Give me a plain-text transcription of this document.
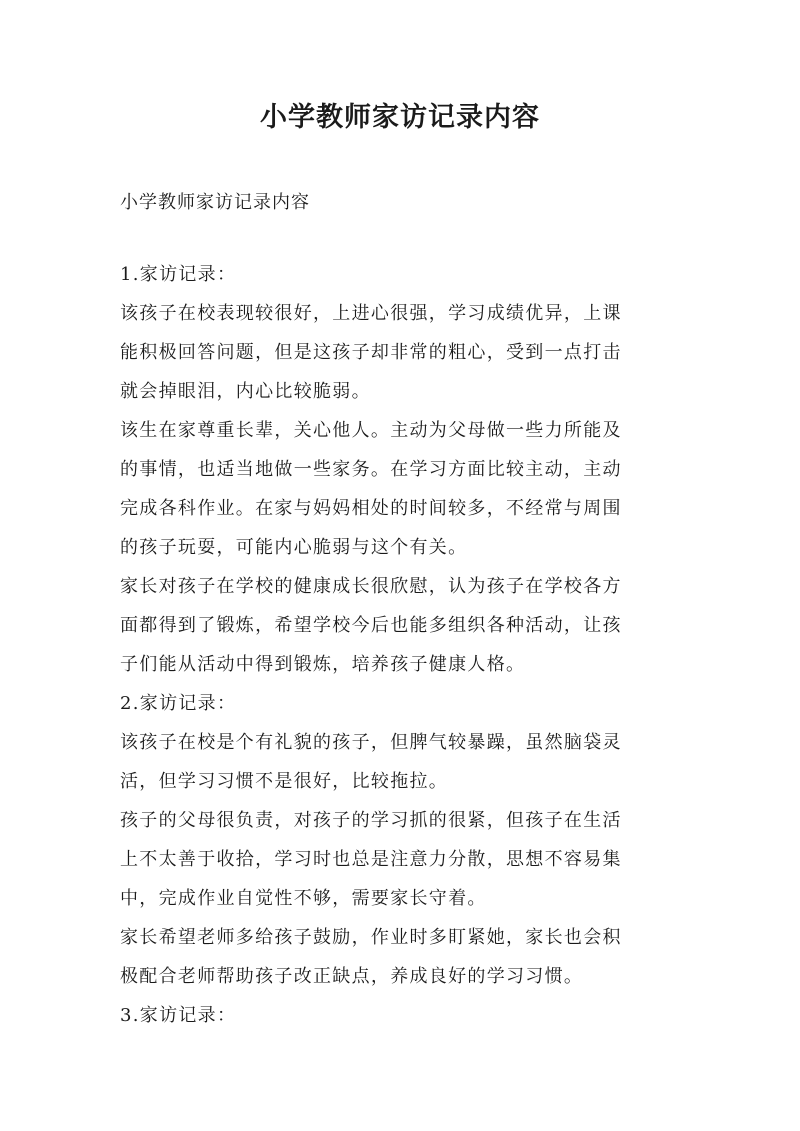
小学教师家访记录内容
小学教师家访记录内容
1.家访记录：
该孩子在校表现较很好，上进心很强，学习成绩优异，上课
能积极回答问题，但是这孩子却非常的粗心，受到一点打击
就会掉眼泪，内心比较脆弱。
该生在家尊重长辈，关心他人。主动为父母做一些力所能及
的事情，也适当地做一些家务。在学习方面比较主动，主动
完成各科作业。在家与妈妈相处的时间较多，不经常与周围
的孩子玩耍，可能内心脆弱与这个有关。
家长对孩子在学校的健康成长很欣慰，认为孩子在学校各方
面都得到了锻炼，希望学校今后也能多组织各种活动，让孩
子们能从活动中得到锻炼，培养孩子健康人格。
2.家访记录：
该孩子在校是个有礼貌的孩子，但脾气较暴躁，虽然脑袋灵
活，但学习习惯不是很好，比较拖拉。
孩子的父母很负责，对孩子的学习抓的很紧，但孩子在生活
上不太善于收拾，学习时也总是注意力分散，思想不容易集
中，完成作业自觉性不够，需要家长守着。
家长希望老师多给孩子鼓励，作业时多盯紧她，家长也会积
极配合老师帮助孩子改正缺点，养成良好的学习习惯。
3.家访记录：
